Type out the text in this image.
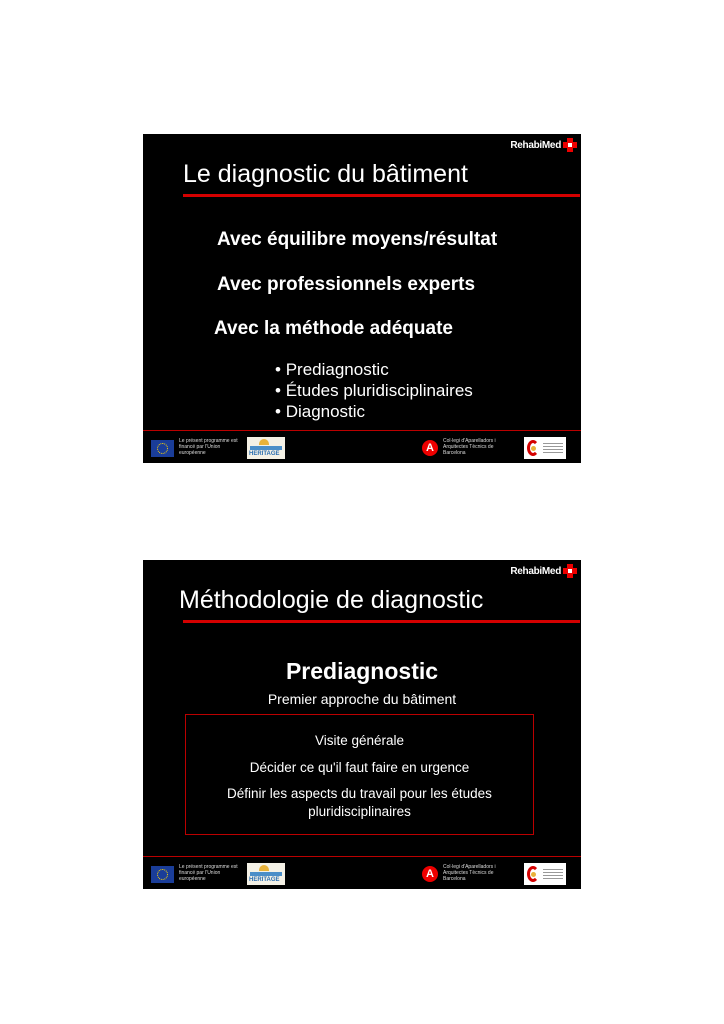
RehabiMed
Le diagnostic du bâtiment
Avec équilibre moyens/résultat
Avec professionnels experts
Avec la méthode adéquate
• Prediagnostic
• Études pluridisciplinaires
• Diagnostic
Le présent programme est financé par l'Union européenne	HERITAGE	A
Col·legi d'Aparelladors i Arquitectes Tècnics de Barcelona
RehabiMed
Méthodologie de diagnostic
Prediagnostic
Premier approche du bâtiment
Visite générale
Décider ce qu'il faut faire en urgence
Définir les aspects du travail pour les études
pluridisciplinaires
Le présent programme est financé par l'Union européenne	HERITAGE	A
Col·legi d'Aparelladors i Arquitectes Tècnics de Barcelona
